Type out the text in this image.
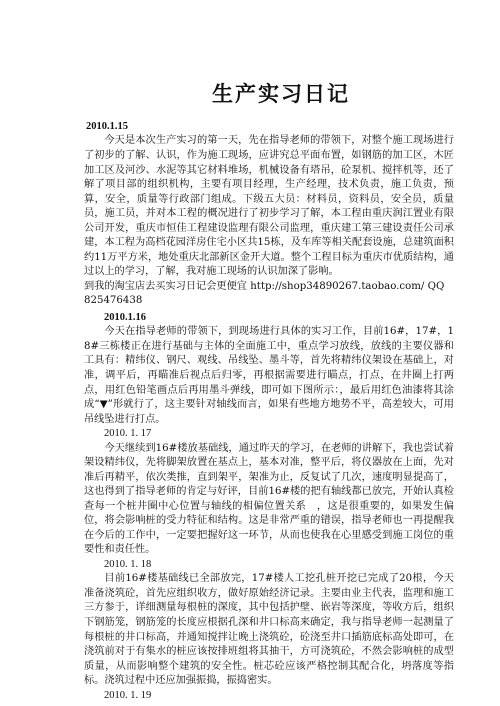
生产实习日记

2010.1.15

今天是本次生产实习的第一天，先在指导老师的带领下，对整个施工现场进行了初步的了解、认识，作为施工现场，应讲究总平面布置，如钢筋的加工区，木匠加工区及河沙、水泥等其它材料堆场，机械设备有塔吊，砼泵机、搅拌机等，还了解了项目部的组织机构，主要有项目经理，生产经理，技术负责，施工负责，预算，安全，质量等行政部门组成。下级五大员：材料员，资料员，安全员，质量员，施工员，并对本工程的概况进行了初步学习了解，本工程由重庆润江置业有限公司开发，重庆市恒佳工程建设监理有限公司监理，重庆建工第三建设责任公司承建，本工程为高档花园洋房住宅小区共15栋，及车库等相关配套设施，总建筑面积约11万平方米，地处重庆北部新区金开大道。整个工程目标为重庆市优质结构，通过以上的学习，了解，我对施工现场的认识加深了影响。

到我的淘宝店去买实习日记会更便宜 http://shop34890267.taobao.com/ QQ 825476438

2010.1.16

今天在指导老师的带领下，到现场进行具体的实习工作，目前16#，17#，18#三栋楼正在进行基础与主体的全面施工中，重点学习放线，放线的主要仪器和工具有：精纬仪、钢尺、观线、吊线坠、墨斗等，首先将精纬仪架设在基础上，对准，调平后，再瞄准后视点后归零，再根据需要进行瞄点，打点，在井圈上打两点，用红色铅笔画点后再用墨斗弹线，即可如下图所示：，最后用红色油漆将其涂成“▼”形就行了，这主要针对轴线而言，如果有些地方地势不平，高差较大，可用吊线坠进行打点。

2010. 1. 17

今天继续到16#楼放基础线，通过昨天的学习，在老师的讲解下，我也尝试着架设精纬仪，先将脚架放置在基点上，基本对准，整平后，将仪器放在上面，先对准后再精平，依次类推，直到架平，架准为止，反复试了几次，速度明显提高了，这也得到了指导老师的肯定与好评，目前16#楼的把有轴线都已放完，开始认真检查每一个桩井圈中心位置与轴线的相偏位置关系　，这是很重要的，如果发生偏位，将会影响桩的受力特征和结构。这是非常严重的错误，指导老师也一再提醒我在今后的工作中，一定要把握好这一环节，从而也使我在心里感受到施工岗位的重要性和责任性。

2010. 1. 18

目前16#楼基础线已全部放完，17#楼人工挖孔桩开挖已完成了20根，今天准备浇筑砼，首先应组织收方，做好原始经济记录。主要由业主代表，监理和施工三方参于，详细测量每根桩的深度，其中包括护壁、嵌岩等深度，等收方后，组织下钢筋笼，钢筋笼的长度应根据孔深和井口标高来确定，我与指导老师一起测量了每根桩的井口标高，并通知搅拌让晚上浇筑砼，砼浇至井口插筋底标高处即可，在浇筑前对于有集水的桩应该按排班组将其抽干，方可浇筑砼，不然会影响桩的成型质量，从而影响整个建筑的安全性。桩芯砼应该严格控制其配合化，坍落度等指标。浇筑过程中还应加强振捣，振捣密实。

2010. 1. 19
